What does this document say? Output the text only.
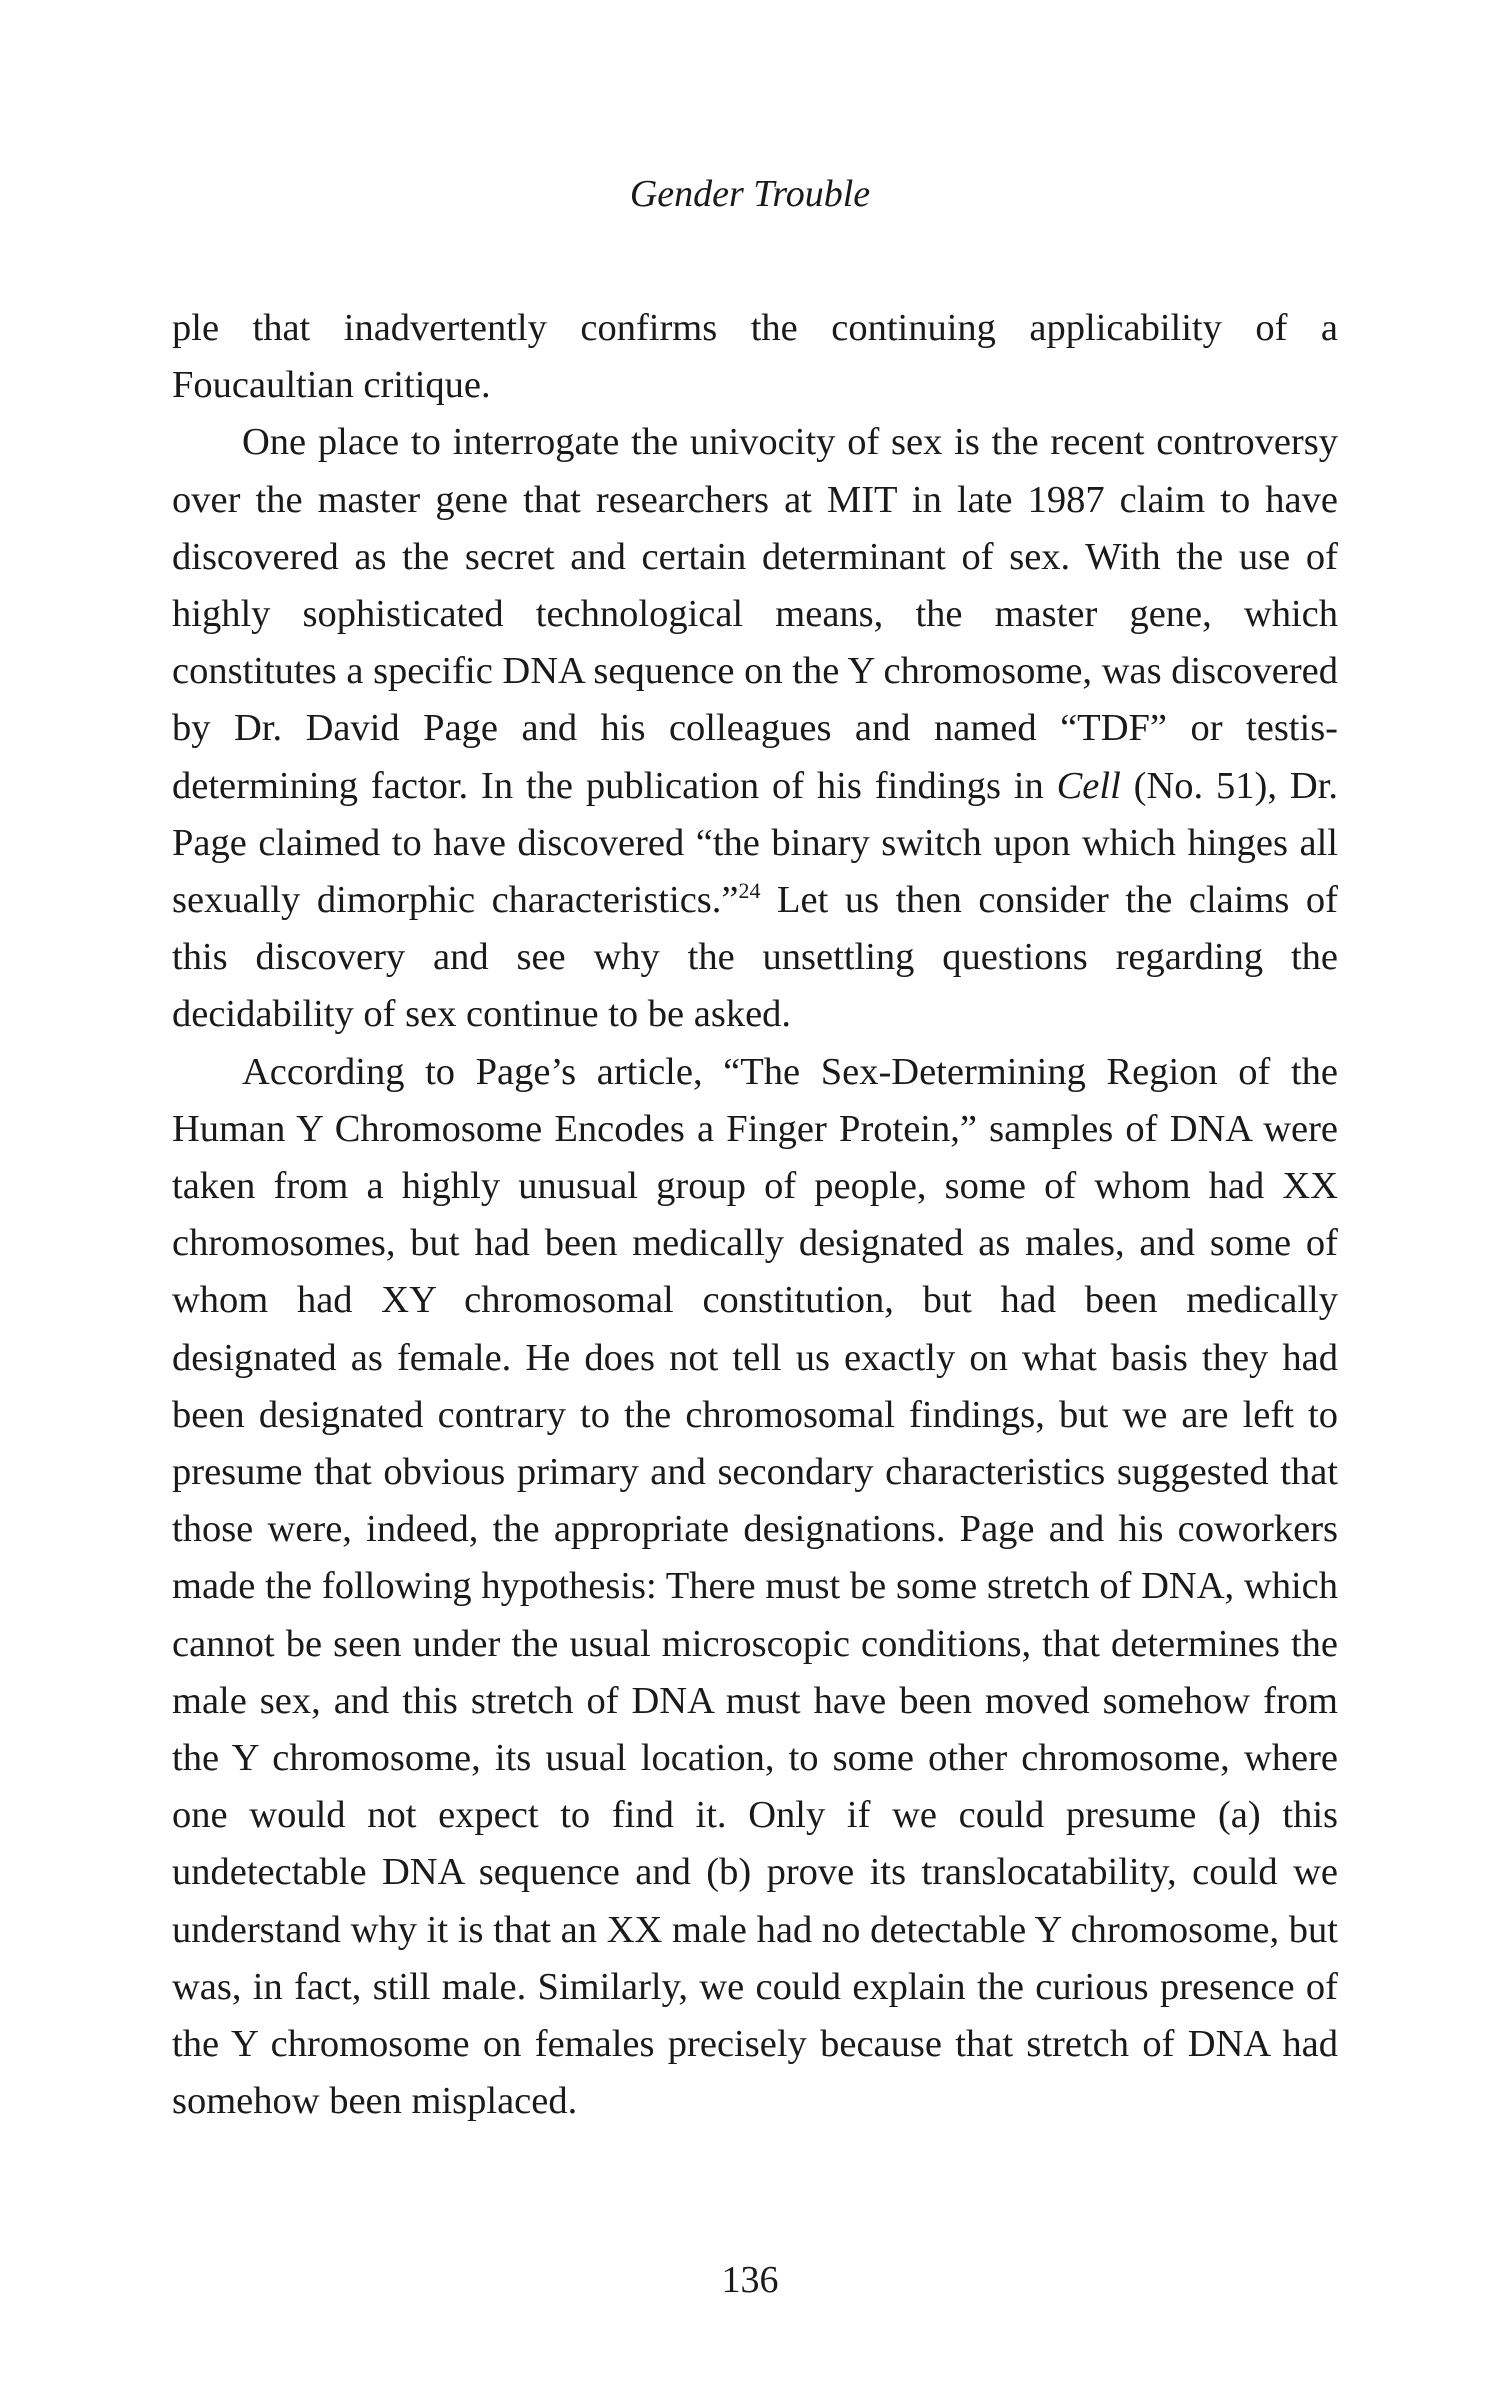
Gender Trouble

ple that inadvertently confirms the continuing applicability of a Foucaultian critique.

One place to interrogate the univocity of sex is the recent controversy over the master gene that researchers at MIT in late 1987 claim to have discovered as the secret and certain determinant of sex. With the use of highly sophisticated technological means, the master gene, which constitutes a specific DNA sequence on the Y chromosome, was discovered by Dr. David Page and his colleagues and named “TDF” or testis-determining factor. In the publication of his findings in Cell (No. 51), Dr. Page claimed to have discovered “the binary switch upon which hinges all sexually dimorphic characteristics.”$^{24}$ Let us then consider the claims of this discovery and see why the unsettling questions regarding the decidability of sex continue to be asked.

According to Page’s article, “The Sex-Determining Region of the Human Y Chromosome Encodes a Finger Protein,” samples of DNA were taken from a highly unusual group of people, some of whom had XX chromosomes, but had been medically designated as males, and some of whom had XY chromosomal constitution, but had been medically designated as female. He does not tell us exactly on what basis they had been designated contrary to the chromosomal findings, but we are left to presume that obvious primary and secondary characteristics suggested that those were, indeed, the appropriate designations. Page and his coworkers made the following hypothesis: There must be some stretch of DNA, which cannot be seen under the usual microscopic conditions, that determines the male sex, and this stretch of DNA must have been moved somehow from the Y chromosome, its usual location, to some other chromosome, where one would not expect to find it. Only if we could presume (a) this undetectable DNA sequence and (b) prove its translocatability, could we understand why it is that an XX male had no detectable Y chromosome, but was, in fact, still male. Similarly, we could explain the curious presence of the Y chromosome on females precisely because that stretch of DNA had somehow been misplaced.

136
